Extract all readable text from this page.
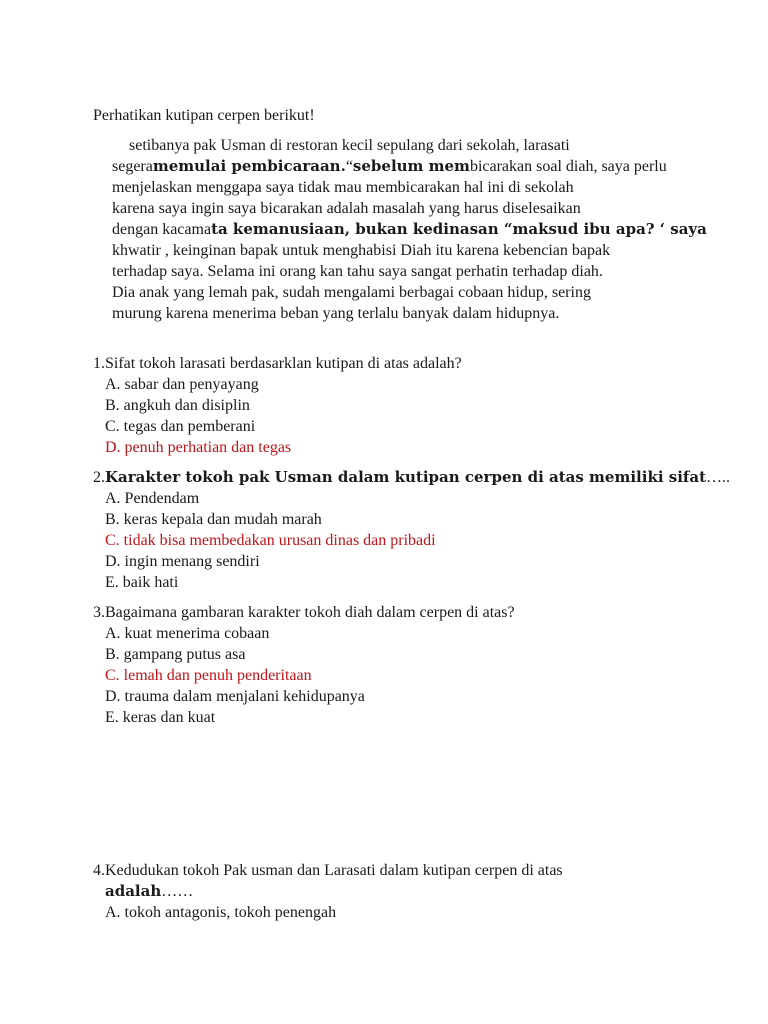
Perhatikan kutipan cerpen berikut!
setibanya pak Usman di restoran kecil sepulang dari sekolah, larasati
segeramemulai pembicaraan.“sebelum membicarakan soal diah, saya perlu
menjelaskan menggapa saya tidak mau membicarakan hal ini di sekolah
karena saya ingin saya bicarakan adalah masalah yang harus diselesaikan
dengan kacamata kemanusiaan, bukan kedinasan “maksud ibu apa? ‘ saya
khwatir , keinginan bapak untuk menghabisi Diah itu karena kebencian bapak
terhadap saya. Selama ini orang kan tahu saya sangat perhatin terhadap diah.
Dia anak yang lemah pak, sudah mengalami berbagai cobaan hidup, sering
murung karena menerima beban yang terlalu banyak dalam hidupnya.
1.Sifat tokoh larasati berdasarklan kutipan di atas adalah?
A. sabar dan penyayang
B. angkuh dan disiplin
C. tegas dan pemberani
D. penuh perhatian dan tegas
2.Karakter tokoh pak Usman dalam kutipan cerpen di atas memiliki sifat…..
A. Pendendam
B. keras kepala dan mudah marah
C. tidak bisa membedakan urusan dinas dan pribadi
D. ingin menang sendiri
E. baik hati
3.Bagaimana gambaran karakter tokoh diah dalam cerpen di atas?
A. kuat menerima cobaan
B. gampang putus asa
C. lemah dan penuh penderitaan
D. trauma dalam menjalani kehidupanya
E. keras dan kuat
4.Kedudukan tokoh Pak usman dan Larasati dalam kutipan cerpen di atas
adalah……
A. tokoh antagonis, tokoh penengah
